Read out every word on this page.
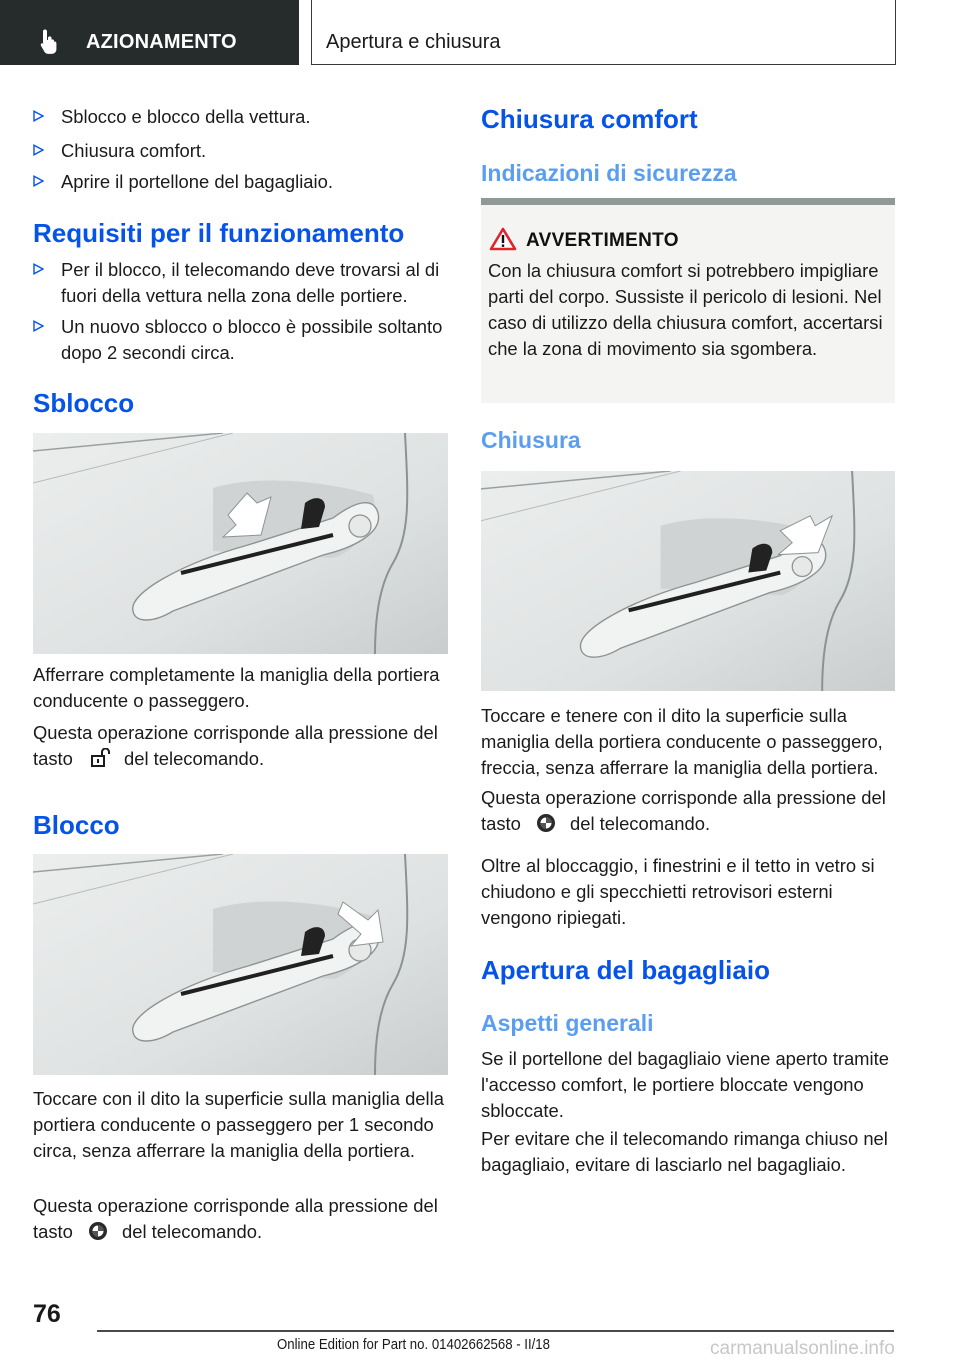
AZIONAMENTO	Apertura e chiusura
Sblocco e blocco della vettura.
Chiusura comfort.
Aprire il portellone del bagagliaio.
Requisiti per il funzionamento
Per il blocco, il telecomando deve trovarsi al di fuori della vettura nella zona delle portiere.
Un nuovo sblocco o blocco è possibile soltanto dopo 2 secondi circa.
Sblocco
Afferrare completamente la maniglia della portiera conducente o passeggero.
Questa operazione corrisponde alla pressione del tasto	del telecomando.
Blocco
Toccare con il dito la superficie sulla maniglia della portiera conducente o passeggero per 1 secondo circa, senza afferrare la maniglia della portiera.
Questa operazione corrisponde alla pressione del tasto	del telecomando.
Chiusura comfort
Indicazioni di sicurezza
AVVERTIMENTO
Con la chiusura comfort si potrebbero impigliare parti del corpo. Sussiste il pericolo di lesioni. Nel caso di utilizzo della chiusura comfort, accertarsi che la zona di movimento sia sgombera.
Chiusura
Toccare e tenere con il dito la superficie sulla maniglia della portiera conducente o passeggero, freccia, senza afferrare la maniglia della portiera.
Questa operazione corrisponde alla pressione del tasto	del telecomando.
Oltre al bloccaggio, i finestrini e il tetto in vetro si chiudono e gli specchietti retrovisori esterni vengono ripiegati.
Apertura del bagagliaio
Aspetti generali
Se il portellone del bagagliaio viene aperto tramite l'accesso comfort, le portiere bloccate vengono sbloccate.
Per evitare che il telecomando rimanga chiuso nel bagagliaio, evitare di lasciarlo nel bagagliaio.
76
Online Edition for Part no. 01402662568 - II/18	carmanualsonline.info
